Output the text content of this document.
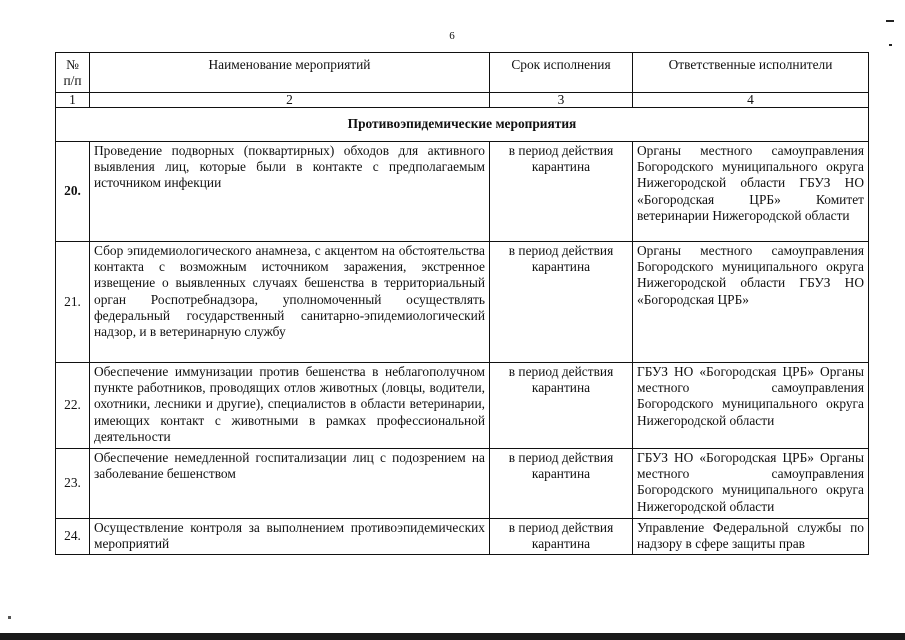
6
№ п/п	Наименование мероприятий	Срок исполнения	Ответственные исполнители
1	2	3	4
Противоэпидемические мероприятия			
20.	Проведение подворных (поквартирных) обходов для активного выявления лиц, которые были в контакте с предполагаемым источником инфекции	в период действия карантина	Органы местного самоуправления Богородского муниципального округа Нижегородской области ГБУЗ НО «Богородская ЦРБ» Комитет ветеринарии Нижегородской области
21.	Сбор эпидемиологического анамнеза, с акцентом на обстоятельства контакта с возможным источником заражения, экстренное извещение о выявленных случаях бешенства в территориальный орган Роспотребнадзора, уполномоченный осуществлять федеральный государственный санитарно-эпидемиологический надзор, и в ветеринарную службу	в период действия карантина	Органы местного самоуправления Богородского муниципального округа Нижегородской области ГБУЗ НО «Богородская ЦРБ»
22.	Обеспечение иммунизации против бешенства в неблагополучном пункте работников, проводящих отлов животных (ловцы, водители, охотники, лесники и другие), специалистов в области ветеринарии, имеющих контакт с животными в рамках профессиональной деятельности	в период действия карантина	ГБУЗ НО «Богородская ЦРБ» Органы местного самоуправления Богородского муниципального округа Нижегородской области
23.	Обеспечение немедленной госпитализации лиц с подозрением на заболевание бешенством	в период действия карантина	ГБУЗ НО «Богородская ЦРБ» Органы местного самоуправления Богородского муниципального округа Нижегородской области
24.	Осуществление контроля за выполнением противоэпидемических мероприятий	в период действия карантина	Управление Федеральной службы по надзору в сфере защиты прав
